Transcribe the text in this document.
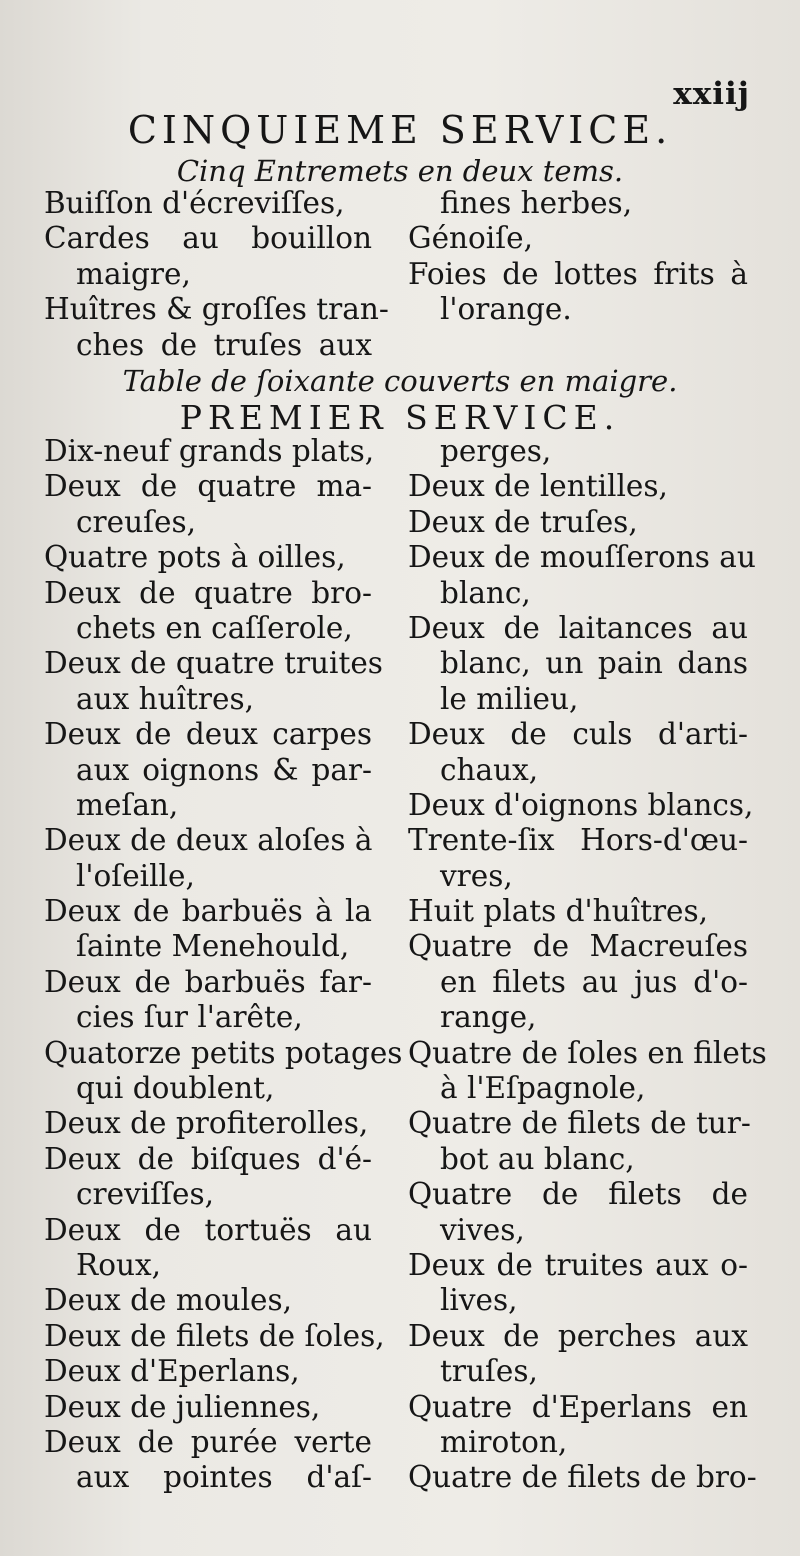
xxiij
CINQUIEME SERVICE.
Cinq Entremets en deux tems.
Buiſſon d'écreviſſes,
Cardes au bouillon
maigre,
Huîtres & groſſes tran-
ches de truſes aux
fines herbes,
Génoiſe,
Foies de lottes frits à
l'orange.
Table de ſoixante couverts en maigre.
PREMIER SERVICE.
Dix-neuf grands plats,
Deux de quatre ma-
creuſes,
Quatre pots à oilles,
Deux de quatre bro-
chets en caſſerole,
Deux de quatre truites
aux huîtres,
Deux de deux carpes
aux oignons & par-
meſan,
Deux de deux aloſes à
l'oſeille,
Deux de barbuës à la
ſainte Menehould,
Deux de barbuës far-
cies ſur l'arête,
Quatorze petits potages
qui doublent,
Deux de profiterolles,
Deux de biſques d'é-
creviſſes,
Deux de tortuës au
Roux,
Deux de moules,
Deux de filets de ſoles,
Deux d'Eperlans,
Deux de juliennes,
Deux de purée verte
aux pointes d'aſ-
perges,
Deux de lentilles,
Deux de truſes,
Deux de mouſſerons au
blanc,
Deux de laitances au
blanc, un pain dans
le milieu,
Deux de culs d'arti-
chaux,
Deux d'oignons blancs,
Trente-ſix Hors-d'œu-
vres,
Huit plats d'huîtres,
Quatre de Macreuſes
en filets au jus d'o-
range,
Quatre de ſoles en filets
à l'Eſpagnole,
Quatre de filets de tur-
bot au blanc,
Quatre de filets de
vives,
Deux de truites aux o-
lives,
Deux de perches aux
truſes,
Quatre d'Eperlans en
miroton,
Quatre de filets de bro-
